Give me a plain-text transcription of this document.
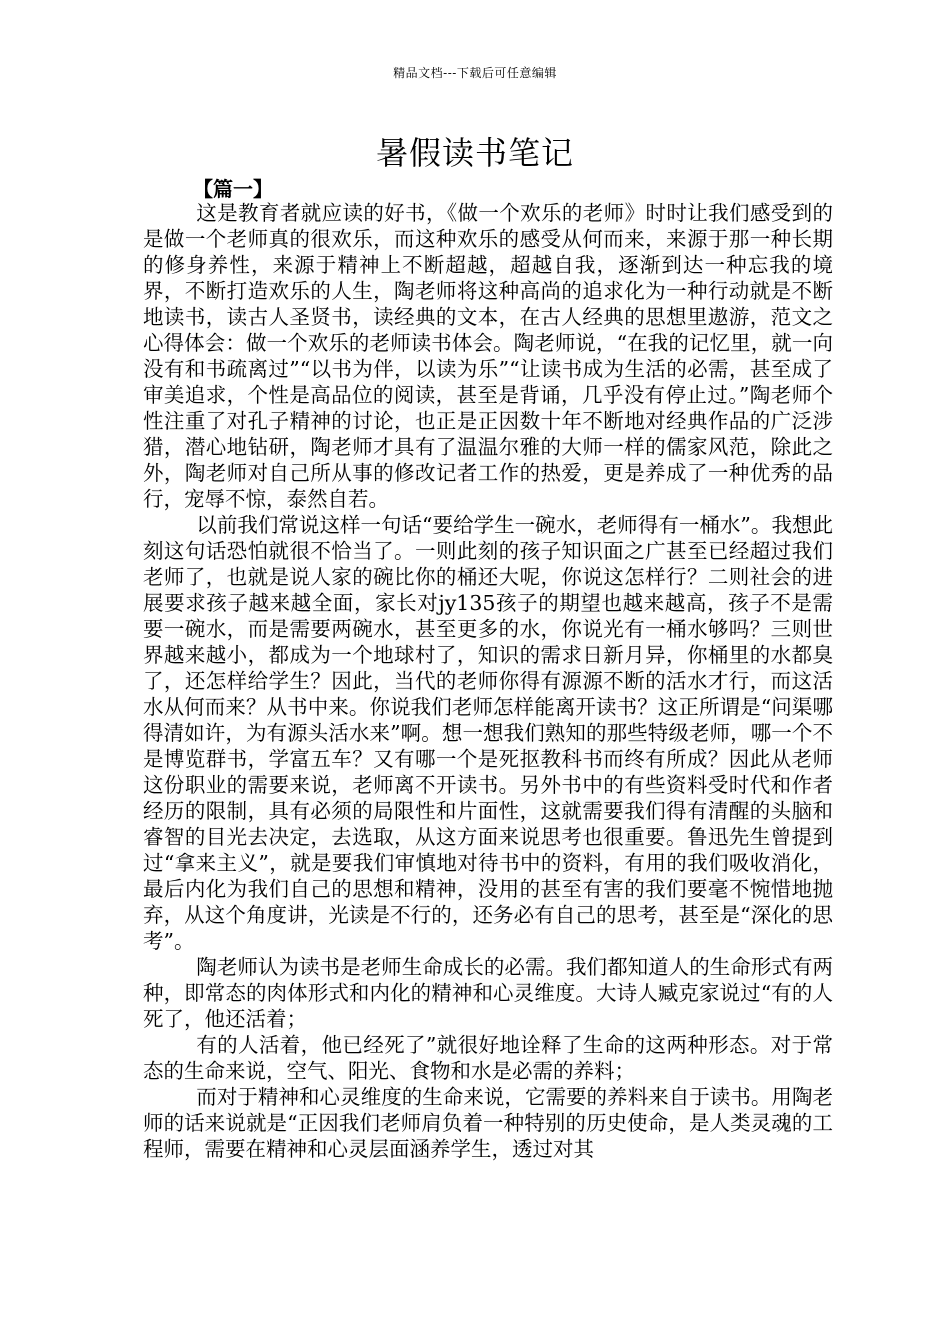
精品文档---下载后可任意编辑
暑假读书笔记
【篇一】

这是教育者就应读的好书，《做一个欢乐的老师》时时让我们感受到的是做一个老师真的很欢乐，而这种欢乐的感受从何而来，来源于那一种长期的修身养性，来源于精神上不断超越，超越自我，逐渐到达一种忘我的境界，不断打造欢乐的人生，陶老师将这种高尚的追求化为一种行动就是不断地读书，读古人圣贤书，读经典的文本，在古人经典的思想里遨游，范文之心得体会：做一个欢乐的老师读书体会。陶老师说，“在我的记忆里，就一向没有和书疏离过”“以书为伴，以读为乐”“让读书成为生活的必需，甚至成了审美追求，个性是高品位的阅读，甚至是背诵，几乎没有停止过。”陶老师个性注重了对孔子精神的讨论，也正是正因数十年不断地对经典作品的广泛涉猎，潜心地钻研，陶老师才具有了温温尔雅的大师一样的儒家风范，除此之外，陶老师对自己所从事的修改记者工作的热爱，更是养成了一种优秀的品行，宠辱不惊，泰然自若。

以前我们常说这样一句话“要给学生一碗水，老师得有一桶水”。我想此刻这句话恐怕就很不恰当了。一则此刻的孩子知识面之广甚至已经超过我们老师了，也就是说人家的碗比你的桶还大呢，你说这怎样行？二则社会的进展要求孩子越来越全面，家长对jy135孩子的期望也越来越高，孩子不是需要一碗水，而是需要两碗水，甚至更多的水，你说光有一桶水够吗？三则世界越来越小，都成为一个地球村了，知识的需求日新月异，你桶里的水都臭了，还怎样给学生？因此，当代的老师你得有源源不断的活水才行，而这活水从何而来？从书中来。你说我们老师怎样能离开读书？这正所谓是“问渠哪得清如许，为有源头活水来”啊。想一想我们熟知的那些特级老师，哪一个不是博览群书，学富五车？又有哪一个是死抠教科书而终有所成？因此从老师这份职业的需要来说，老师离不开读书。另外书中的有些资料受时代和作者经历的限制，具有必须的局限性和片面性，这就需要我们得有清醒的头脑和睿智的目光去决定，去选取，从这方面来说思考也很重要。鲁迅先生曾提到过“拿来主义”，就是要我们审慎地对待书中的资料，有用的我们吸收消化，最后内化为我们自己的思想和精神，没用的甚至有害的我们要毫不惋惜地抛弃，从这个角度讲，光读是不行的，还务必有自己的思考，甚至是“深化的思考”。

陶老师认为读书是老师生命成长的必需。我们都知道人的生命形式有两种，即常态的肉体形式和内化的精神和心灵维度。大诗人臧克家说过“有的人死了，他还活着；

有的人活着，他已经死了”就很好地诠释了生命的这两种形态。对于常态的生命来说，空气、阳光、食物和水是必需的养料；

而对于精神和心灵维度的生命来说，它需要的养料来自于读书。用陶老师的话来说就是“正因我们老师肩负着一种特别的历史使命，是人类灵魂的工程师，需要在精神和心灵层面涵养学生，透过对其
